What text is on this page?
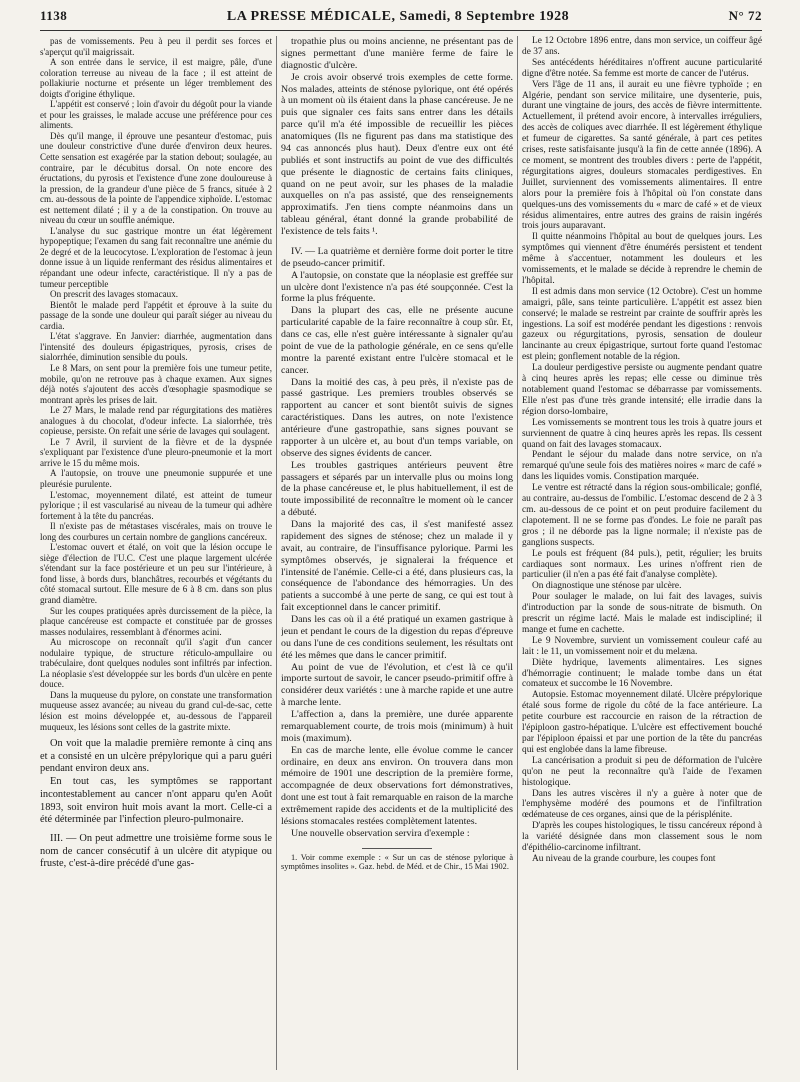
1138	LA PRESSE MÉDICALE, Samedi, 8 Septembre 1928	N° 72

pas de vomissements. Peu à peu il perdit ses forces et s'aperçut qu'il maigrissait.

A son entrée dans le service, il est maigre, pâle, d'une coloration terreuse au niveau de la face ; il est atteint de pollakiurie nocturne et présente un léger tremblement des doigts d'origine éthylique.

L'appétit est conservé ; loin d'avoir du dégoût pour la viande et pour les graisses, le malade accuse une préférence pour ces aliments.

Dès qu'il mange, il éprouve une pesanteur d'estomac, puis une douleur constrictive d'une durée d'environ deux heures. Cette sensation est exagérée par la station debout; soulagée, au contraire, par le décubitus dorsal. On note encore des éructations, du pyrosis et l'existence d'une zone douloureuse à la pression, de la grandeur d'une pièce de 5 francs, située à 2 cm. au-dessous de la pointe de l'appendice xiphoïde. L'estomac est nettement dilaté ; il y a de la constipation. On trouve au niveau du cœur un souffle anémique.

L'analyse du suc gastrique montre un état légèrement hypopeptique; l'examen du sang fait reconnaître une anémie du 2e degré et de la leucocytose. L'exploration de l'estomac à jeun donne issue à un liquide renfermant des résidus alimentaires et répandant une odeur infecte, caractéristique. Il n'y a pas de tumeur perceptible

On prescrit des lavages stomacaux.

Bientôt le malade perd l'appétit et éprouve à la suite du passage de la sonde une douleur qui paraît siéger au niveau du cardia.

L'état s'aggrave. En Janvier: diarrhée, augmentation dans l'intensité des douleurs épigastriques, pyrosis, crises de sialorrhée, diminution sensible du pouls.

Le 8 Mars, on sent pour la première fois une tumeur petite, mobile, qu'on ne retrouve pas à chaque examen. Aux signes déjà notés s'ajoutent des accès d'œsophagie spasmodique se montrant après les prises de lait.

Le 27 Mars, le malade rend par régurgitations des matières analogues à du chocolat, d'odeur infecte. La sialorrhée, très copieuse, persiste. On refait une série de lavages qui soulagent.

Le 7 Avril, il survient de la fièvre et de la dyspnée s'expliquant par l'existence d'une pleuro-pneumonie et la mort arrive le 15 du même mois.

A l'autopsie, on trouve une pneumonie suppurée et une pleurésie purulente.

L'estomac, moyennement dilaté, est atteint de tumeur pylorique ; il est vascularisé au niveau de la tumeur qui adhère fortement à la tête du pancréas.

Il n'existe pas de métastases viscérales, mais on trouve le long des courbures un certain nombre de ganglions cancéreux.

L'estomac ouvert et étalé, on voit que la lésion occupe le siège d'élection de l'U.C. C'est une plaque largement ulcérée s'étendant sur la face postérieure et un peu sur l'intérieure, à fond lisse, à bords durs, blanchâtres, recourbés et végétants du côté stomacal surtout. Elle mesure de 6 à 8 cm. dans son plus grand diamètre.

Sur les coupes pratiquées après durcissement de la pièce, la plaque cancéreuse est compacte et constituée par de grosses masses nodulaires, ressemblant à d'énormes acini.

Au microscope on reconnaît qu'il s'agit d'un cancer nodulaire typique, de structure réticulo-ampullaire ou trabéculaire, dont quelques nodules sont infiltrés par infection. La néoplasie s'est développée sur les bords d'un ulcère en pente douce.

Dans la muqueuse du pylore, on constate une transformation muqueuse assez avancée; au niveau du grand cul-de-sac, cette lésion est moins développée et, au-dessous de l'appareil muqueux, les lésions sont celles de la gastrite mixte.

On voit que la maladie première remonte à cinq ans et a consisté en un ulcère prépylorique qui a paru guéri pendant environ deux ans.

En tout cas, les symptômes se rapportant incontestablement au cancer n'ont apparu qu'en Août 1893, soit environ huit mois avant la mort. Celle-ci a été déterminée par l'infection pleuro-pulmonaire.

III. — On peut admettre une troisième forme sous le nom de cancer consécutif à un ulcère dit atypique ou fruste, c'est-à-dire précédé d'une gas-

tropathie plus ou moins ancienne, ne présentant pas de signes permettant d'une manière ferme de faire le diagnostic d'ulcère.

Je crois avoir observé trois exemples de cette forme. Nos malades, atteints de sténose pylorique, ont été opérés à un moment où ils étaient dans la phase cancéreuse. Je ne puis que signaler ces faits sans entrer dans les détails parce qu'il m'a été impossible de recueillir les pièces anatomiques (Ils ne figurent pas dans ma statistique des 94 cas annoncés plus haut). Deux d'entre eux ont été publiés et sont instructifs au point de vue des difficultés que présente le diagnostic de certains faits cliniques, quand on ne peut avoir, sur les phases de la maladie auxquelles on n'a pas assisté, que des renseignements approximatifs. J'en tiens compte néanmoins dans un tableau général, étant donné la grande probabilité de l'existence de tels faits ¹.

IV. — La quatrième et dernière forme doit porter le titre de pseudo-cancer primitif.

A l'autopsie, on constate que la néoplasie est greffée sur un ulcère dont l'existence n'a pas été soupçonnée. C'est la forme la plus fréquente.

Dans la plupart des cas, elle ne présente aucune particularité capable de la faire reconnaître à coup sûr. Et, dans ce cas, elle n'est guère intéressante à signaler qu'au point de vue de la pathologie générale, en ce sens qu'elle montre la parenté existant entre l'ulcère stomacal et le cancer.

Dans la moitié des cas, à peu près, il n'existe pas de passé gastrique. Les premiers troubles observés se rapportent au cancer et sont bientôt suivis de signes caractéristiques. Dans les autres, on note l'existence antérieure d'une gastropathie, sans signes pouvant se rapporter à un ulcère et, au bout d'un temps variable, on observe des signes évidents de cancer.

Les troubles gastriques antérieurs peuvent être passagers et séparés par un intervalle plus ou moins long de la phase cancéreuse et, le plus habituellement, il est de toute impossibilité de reconnaître le moment où le cancer a débuté.

Dans la majorité des cas, il s'est manifesté assez rapidement des signes de sténose; chez un malade il y avait, au contraire, de l'insuffisance pylorique. Parmi les symptômes observés, je signalerai la fréquence et l'intensité de l'anémie. Celle-ci a été, dans plusieurs cas, la conséquence de l'abondance des hémorragies. Un des patients a succombé à une perte de sang, ce qui est tout à fait exceptionnel dans le cancer primitif.

Dans les cas où il a été pratiqué un examen gastrique à jeun et pendant le cours de la digestion du repas d'épreuve ou dans l'une de ces conditions seulement, les résultats ont été les mêmes que dans le cancer primitif.

Au point de vue de l'évolution, et c'est là ce qu'il importe surtout de savoir, le cancer pseudo-primitif offre à considérer deux variétés : une à marche rapide et une autre à marche lente.

L'affection a, dans la première, une durée apparente remarquablement courte, de trois mois (minimum) à huit mois (maximum).

En cas de marche lente, elle évolue comme le cancer ordinaire, en deux ans environ. On trouvera dans mon mémoire de 1901 une description de la première forme, accompagnée de deux observations fort démonstratives, dont une est tout à fait remarquable en raison de la marche extrêmement rapide des accidents et de la multiplicité des lésions stomacales restées complètement latentes.

Une nouvelle observation servira d'exemple :

1. Voir comme exemple : « Sur un cas de sténose pylorique à symptômes insolites ». Gaz. hebd. de Méd. et de Chir., 15 Mai 1902.

Le 12 Octobre 1896 entre, dans mon service, un coiffeur âgé de 37 ans.

Ses antécédents héréditaires n'offrent aucune particularité digne d'être notée. Sa femme est morte de cancer de l'utérus.

Vers l'âge de 11 ans, il aurait eu une fièvre typhoïde ; en Algérie, pendant son service militaire, une dysenterie, puis, durant une vingtaine de jours, des accès de fièvre intermittente. Actuellement, il prétend avoir encore, à intervalles irréguliers, des accès de coliques avec diarrhée. Il est légèrement éthylique et fumeur de cigarettes. Sa santé générale, à part ces petites crises, reste satisfaisante jusqu'à la fin de cette année (1896). A ce moment, se montrent des troubles divers : perte de l'appétit, régurgitations aigres, douleurs stomacales perdigestives. En Juillet, surviennent des vomissements alimentaires. Il entre alors pour la première fois à l'hôpital où l'on constate dans quelques-uns des vomissements du « marc de café » et de vieux résidus alimentaires, entre autres des grains de raisin ingérés trois jours auparavant.

Il quitte néanmoins l'hôpital au bout de quelques jours. Les symptômes qui viennent d'être énumérés persistent et tendent même à s'accentuer, notamment les douleurs et les vomissements, et le malade se décide à reprendre le chemin de l'hôpital.

Il est admis dans mon service (12 Octobre). C'est un homme amaigri, pâle, sans teinte particulière. L'appétit est assez bien conservé; le malade se restreint par crainte de souffrir après les ingestions. La soif est modérée pendant les digestions : renvois gazeux ou régurgitations, pyrosis, sensation de douleur lancinante au creux épigastrique, surtout forte quand l'estomac est plein; gonflement notable de la région.

La douleur perdigestive persiste ou augmente pendant quatre à cinq heures après les repas; elle cesse ou diminue très notablement quand l'estomac se débarrasse par vomissements. Elle n'est pas d'une très grande intensité; elle irradie dans la région dorso-lombaire,

Les vomissements se montrent tous les trois à quatre jours et surviennent de quatre à cinq heures après les repas. Ils cessent quand on fait des lavages stomacaux.

Pendant le séjour du malade dans notre service, on n'a remarqué qu'une seule fois des matières noires « marc de café » dans les liquides vomis. Constipation marquée.

Le ventre est rétracté dans la région sous-ombilicale; gonflé, au contraire, au-dessus de l'ombilic. L'estomac descend de 2 à 3 cm. au-dessous de ce point et on peut produire facilement du clapotement. Il ne se forme pas d'ondes. Le foie ne paraît pas gros ; il ne déborde pas la ligne normale; il n'existe pas de ganglions suspects.

Le pouls est fréquent (84 puls.), petit, régulier; les bruits cardiaques sont normaux. Les urines n'offrent rien de particulier (il n'en a pas été fait d'analyse complète).

On diagnostique une sténose par ulcère.

Pour soulager le malade, on lui fait des lavages, suivis d'introduction par la sonde de sous-nitrate de bismuth. On prescrit un régime lacté. Mais le malade est indiscipliné; il mange et fume en cachette.

Le 9 Novembre, survient un vomissement couleur café au lait : le 11, un vomissement noir et du melæna.

Diète hydrique, lavements alimentaires. Les signes d'hémorragie continuent; le malade tombe dans un état comateux et succombe le 16 Novembre.

Autopsie. Estomac moyennement dilaté. Ulcère prépylorique étalé sous forme de rigole du côté de la face antérieure. La petite courbure est raccourcie en raison de la rétraction de l'épiploon gastro-hépatique. L'ulcère est effectivement bouché par l'épiploon épaissi et par une portion de la tête du pancréas qui est englobée dans la lame fibreuse.

La cancérisation a produit si peu de déformation de l'ulcère qu'on ne peut la reconnaître qu'à l'aide de l'examen histologique.

Dans les autres viscères il n'y a guère à noter que de l'emphysème modéré des poumons et de l'infiltration œdémateuse de ces organes, ainsi que de la périsplénite.

D'après les coupes histologiques, le tissu cancéreux répond à la variété désignée dans mon classement sous le nom d'épithélio-carcinome infiltrant.

Au niveau de la grande courbure, les coupes font
